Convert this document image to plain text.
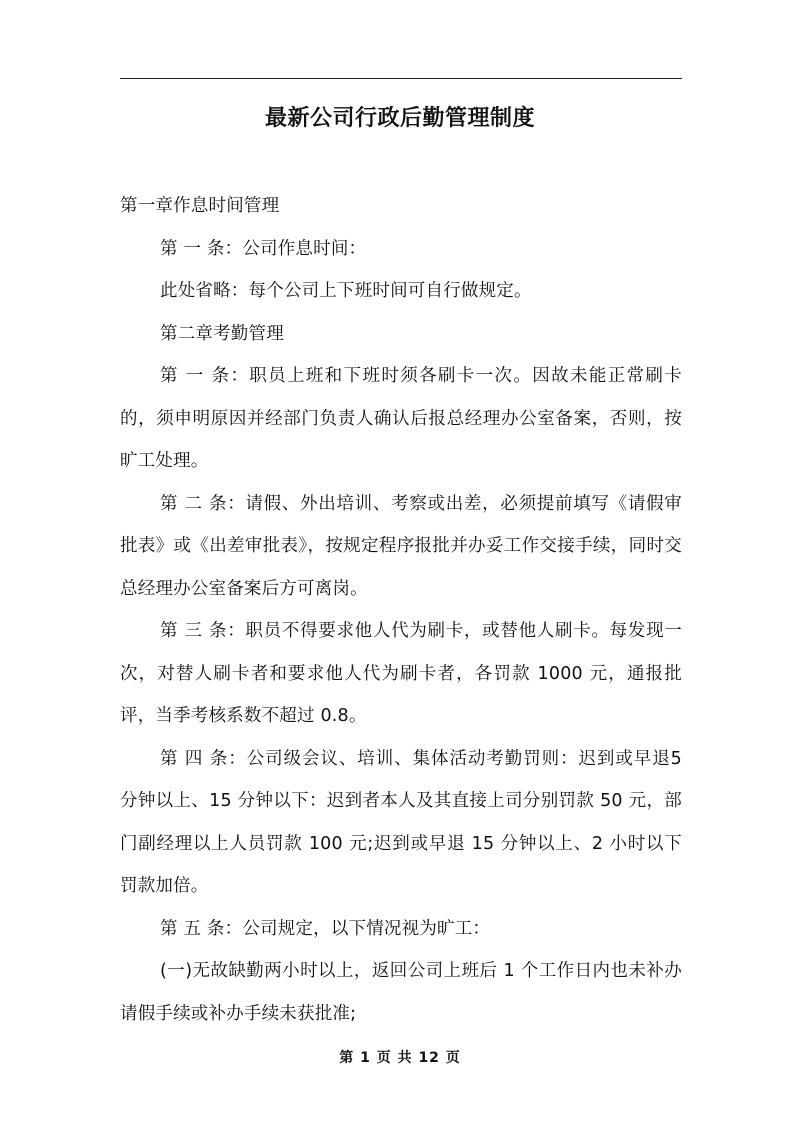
最新公司行政后勤管理制度

第一章作息时间管理

第 一 条：公司作息时间：

此处省略：每个公司上下班时间可自行做规定。

第二章考勤管理

第 一 条：职员上班和下班时须各刷卡一次。因故未能正常刷卡的，须申明原因并经部门负责人确认后报总经理办公室备案，否则，按旷工处理。

第 二 条：请假、外出培训、考察或出差，必须提前填写《请假审批表》或《出差审批表》，按规定程序报批并办妥工作交接手续，同时交总经理办公室备案后方可离岗。

第 三 条：职员不得要求他人代为刷卡，或替他人刷卡。每发现一次，对替人刷卡者和要求他人代为刷卡者，各罚款 1000 元，通报批评，当季考核系数不超过 0.8。

第 四 条：公司级会议、培训、集体活动考勤罚则：迟到或早退5 分钟以上、15 分钟以下：迟到者本人及其直接上司分别罚款 50 元，部门副经理以上人员罚款 100 元;迟到或早退 15 分钟以上、2 小时以下罚款加倍。

第 五 条：公司规定，以下情况视为旷工：

(一)无故缺勤两小时以上，返回公司上班后 1 个工作日内也未补办请假手续或补办手续未获批准;

第 1 页 共 12 页
